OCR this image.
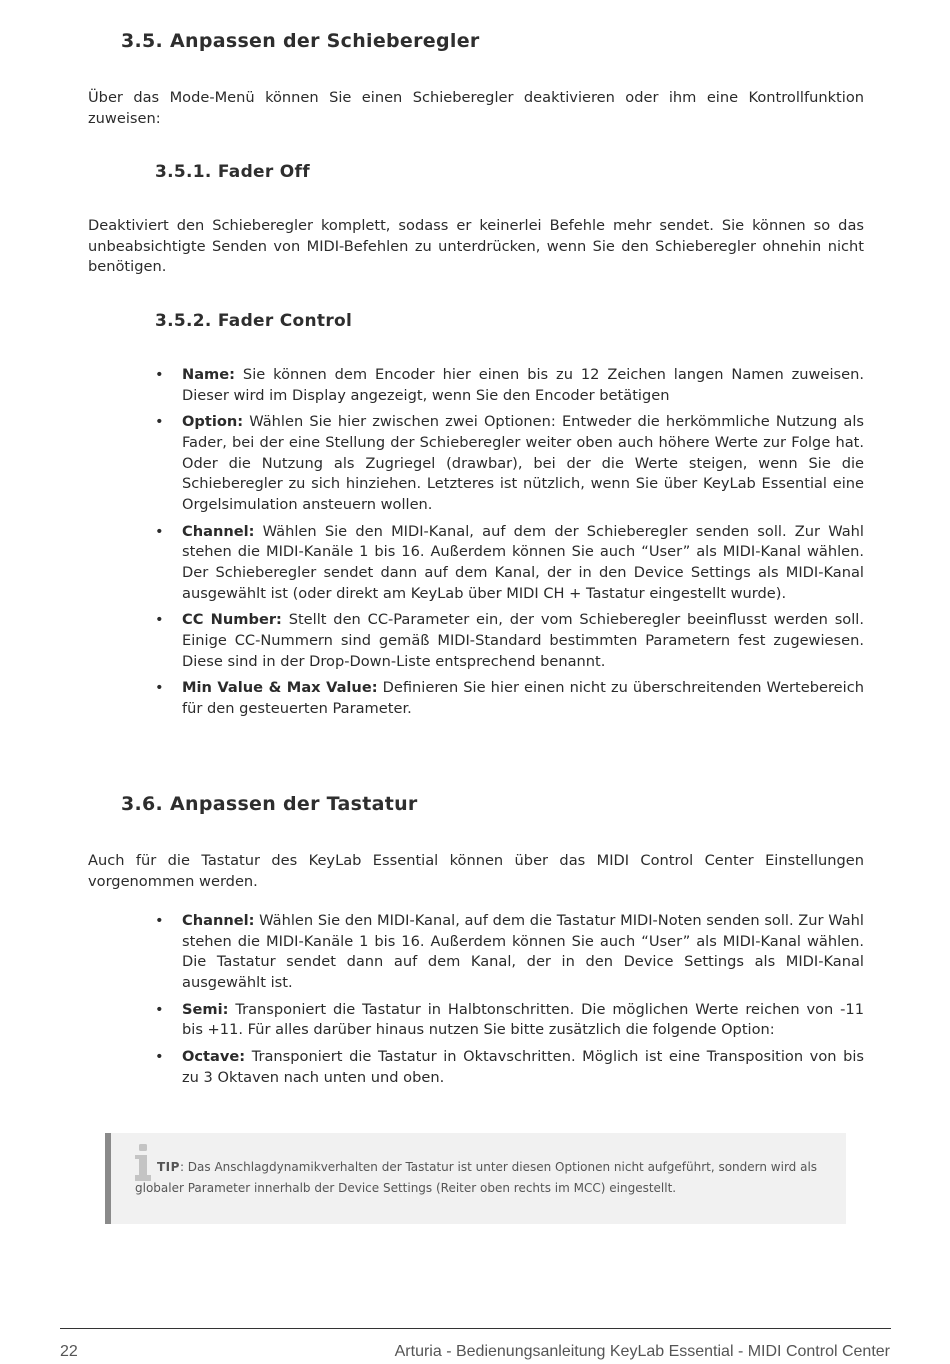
3.5. Anpassen der Schieberegler

Über das Mode-Menü können Sie einen Schieberegler deaktivieren oder ihm eine Kontrollfunktion zuweisen:

3.5.1. Fader Off

Deaktiviert den Schieberegler komplett, sodass er keinerlei Befehle mehr sendet. Sie können so das unbeabsichtigte Senden von MIDI-Befehlen zu unterdrücken, wenn Sie den Schieberegler ohnehin nicht benötigen.

3.5.2. Fader Control
• Name: Sie können dem Encoder hier einen bis zu 12 Zeichen langen Namen zuweisen. Dieser wird im Display angezeigt, wenn Sie den Encoder betätigen
• Option: Wählen Sie hier zwischen zwei Optionen: Entweder die herkömmliche Nutzung als Fader, bei der eine Stellung der Schieberegler weiter oben auch höhere Werte zur Folge hat. Oder die Nutzung als Zugriegel (drawbar), bei der die Werte steigen, wenn Sie die Schieberegler zu sich hinziehen. Letzteres ist nützlich, wenn Sie über KeyLab Essential eine Orgelsimulation ansteuern wollen.
• Channel: Wählen Sie den MIDI-Kanal, auf dem der Schieberegler senden soll. Zur Wahl stehen die MIDI-Kanäle 1 bis 16. Außerdem können Sie auch “User” als MIDI-Kanal wählen. Der Schieberegler sendet dann auf dem Kanal, der in den Device Settings als MIDI-Kanal ausgewählt ist (oder direkt am KeyLab über MIDI CH + Tastatur eingestellt wurde).
• CC Number: Stellt den CC-Parameter ein, der vom Schieberegler beeinflusst werden soll. Einige CC-Nummern sind gemäß MIDI-Standard bestimmten Parametern fest zugewiesen. Diese sind in der Drop-Down-Liste entsprechend benannt.
• Min Value & Max Value: Definieren Sie hier einen nicht zu überschreitenden Wertebereich für den gesteuerten Parameter.
3.6. Anpassen der Tastatur

Auch für die Tastatur des KeyLab Essential können über das MIDI Control Center Einstellungen vorgenommen werden.

• Channel: Wählen Sie den MIDI-Kanal, auf dem die Tastatur MIDI-Noten senden soll. Zur Wahl stehen die MIDI-Kanäle 1 bis 16. Außerdem können Sie auch “User” als MIDI-Kanal wählen. Die Tastatur sendet dann auf dem Kanal, der in den Device Settings als MIDI-Kanal ausgewählt ist.
• Semi: Transponiert die Tastatur in Halbtonschritten. Die möglichen Werte reichen von -11 bis +11. Für alles darüber hinaus nutzen Sie bitte zusätzlich die folgende Option:
• Octave: Transponiert die Tastatur in Oktavschritten. Möglich ist eine Transposition von bis zu 3 Oktaven nach unten und oben.

TIP: Das Anschlagdynamikverhalten der Tastatur ist unter diesen Optionen nicht aufgeführt, sondern wird als globaler Parameter innerhalb der Device Settings (Reiter oben rechts im MCC) eingestellt.

22	Arturia - Bedienungsanleitung KeyLab Essential - MIDI Control Center
